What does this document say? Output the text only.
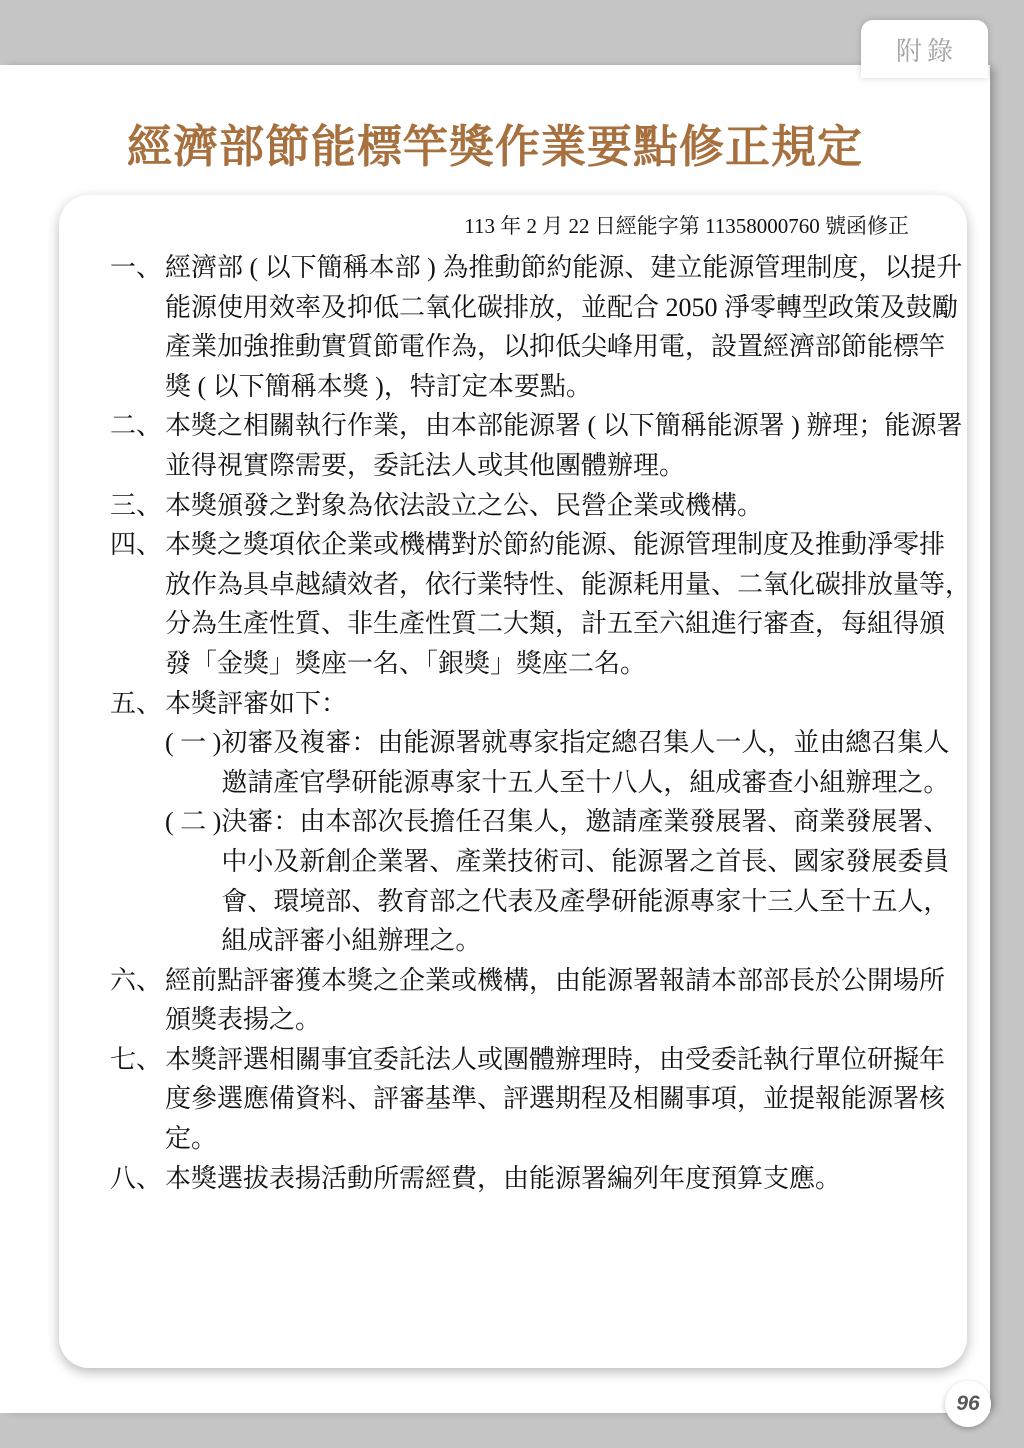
附錄
經濟部節能標竿獎作業要點修正規定
113 年 2 月 22 日經能字第 11358000760 號函修正
一、 經濟部 ( 以下簡稱本部 ) 為推動節約能源、建立能源管理制度，以提升
能源使用效率及抑低二氧化碳排放，並配合 2050 淨零轉型政策及鼓勵
產業加強推動實質節電作為，以抑低尖峰用電，設置經濟部節能標竿
獎 ( 以下簡稱本獎 )，特訂定本要點。
二、 本獎之相關執行作業，由本部能源署 ( 以下簡稱能源署 ) 辦理；能源署
並得視實際需要，委託法人或其他團體辦理。
三、 本獎頒發之對象為依法設立之公、民營企業或機構。
四、 本獎之獎項依企業或機構對於節約能源、能源管理制度及推動淨零排
放作為具卓越績效者，依行業特性、能源耗用量、二氧化碳排放量等，
分為生產性質、非生產性質二大類，計五至六組進行審查，每組得頒
發「金獎」獎座一名、「銀獎」獎座二名。
五、 本獎評審如下：
( 一 ) 初審及複審：由能源署就專家指定總召集人一人，並由總召集人
邀請產官學研能源專家十五人至十八人，組成審查小組辦理之。
( 二 ) 決審：由本部次長擔任召集人，邀請產業發展署、商業發展署、
中小及新創企業署、產業技術司、能源署之首長、國家發展委員
會、環境部、教育部之代表及產學研能源專家十三人至十五人，
組成評審小組辦理之。
六、 經前點評審獲本獎之企業或機構，由能源署報請本部部長於公開場所
頒獎表揚之。
七、 本獎評選相關事宜委託法人或團體辦理時，由受委託執行單位研擬年
度參選應備資料、評審基準、評選期程及相關事項，並提報能源署核
定。
八、 本獎選拔表揚活動所需經費，由能源署編列年度預算支應。
96
